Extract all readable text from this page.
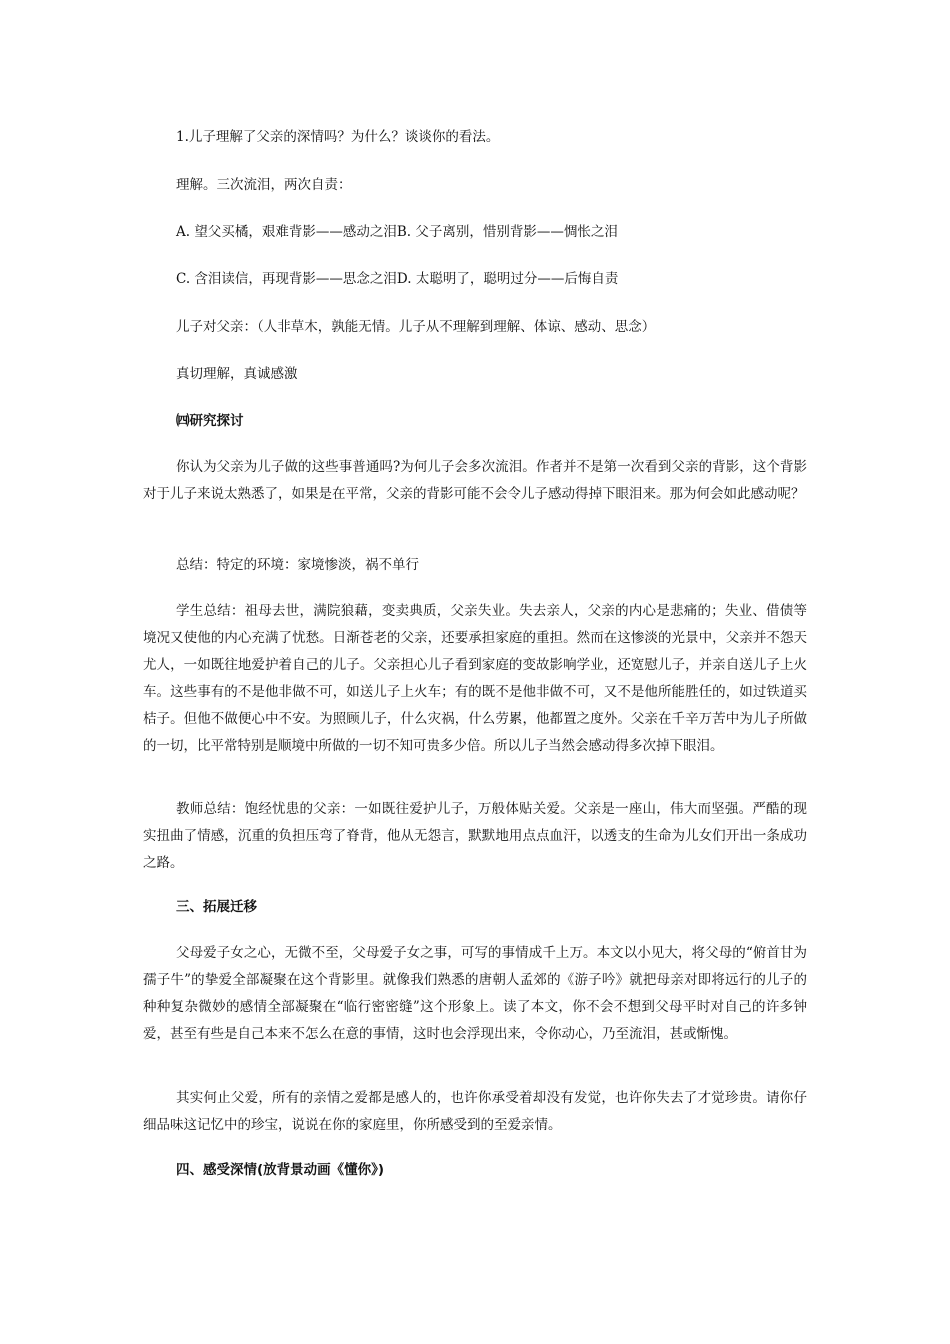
1.儿子理解了父亲的深情吗？为什么？谈谈你的看法。

理解。三次流泪，两次自责：

A. 望父买橘，艰难背影——感动之泪B. 父子离别，惜别背影——惆怅之泪

C. 含泪读信，再现背影——思念之泪D. 太聪明了，聪明过分——后悔自责

儿子对父亲：（人非草木，孰能无情。儿子从不理解到理解、体谅、感动、思念）

真切理解，真诚感激

㈣研究探讨

你认为父亲为儿子做的这些事普通吗?为何儿子会多次流泪。作者并不是第一次看到父亲的背影，这个背影对于儿子来说太熟悉了，如果是在平常，父亲的背影可能不会令儿子感动得掉下眼泪来。那为何会如此感动呢？

总结：特定的环境：家境惨淡，祸不单行

学生总结：祖母去世，满院狼藉，变卖典质，父亲失业。失去亲人，父亲的内心是悲痛的；失业、借债等境况又使他的内心充满了忧愁。日渐苍老的父亲，还要承担家庭的重担。然而在这惨淡的光景中，父亲并不怨天尤人，一如既往地爱护着自己的儿子。父亲担心儿子看到家庭的变故影响学业，还宽慰儿子，并亲自送儿子上火车。这些事有的不是他非做不可，如送儿子上火车；有的既不是他非做不可，又不是他所能胜任的，如过铁道买桔子。但他不做便心中不安。为照顾儿子，什么灾祸，什么劳累，他都置之度外。父亲在千辛万苦中为儿子所做的一切，比平常特别是顺境中所做的一切不知可贵多少倍。所以儿子当然会感动得多次掉下眼泪。

教师总结：饱经忧患的父亲：一如既往爱护儿子，万般体贴关爱。父亲是一座山，伟大而坚强。严酷的现实扭曲了情感，沉重的负担压弯了脊背，他从无怨言，默默地用点点血汗，以透支的生命为儿女们开出一条成功之路。

三、拓展迁移

父母爱子女之心，无微不至，父母爱子女之事，可写的事情成千上万。本文以小见大，将父母的“俯首甘为孺子牛”的挚爱全部凝聚在这个背影里。就像我们熟悉的唐朝人孟郊的《游子吟》就把母亲对即将远行的儿子的种种复杂微妙的感情全部凝聚在“临行密密缝”这个形象上。读了本文，你不会不想到父母平时对自己的许多钟爱，甚至有些是自己本来不怎么在意的事情，这时也会浮现出来，令你动心，乃至流泪，甚或惭愧。

其实何止父爱，所有的亲情之爱都是感人的，也许你承受着却没有发觉，也许你失去了才觉珍贵。请你仔细品味这记忆中的珍宝，说说在你的家庭里，你所感受到的至爱亲情。

四、感受深情(放背景动画《懂你》)
